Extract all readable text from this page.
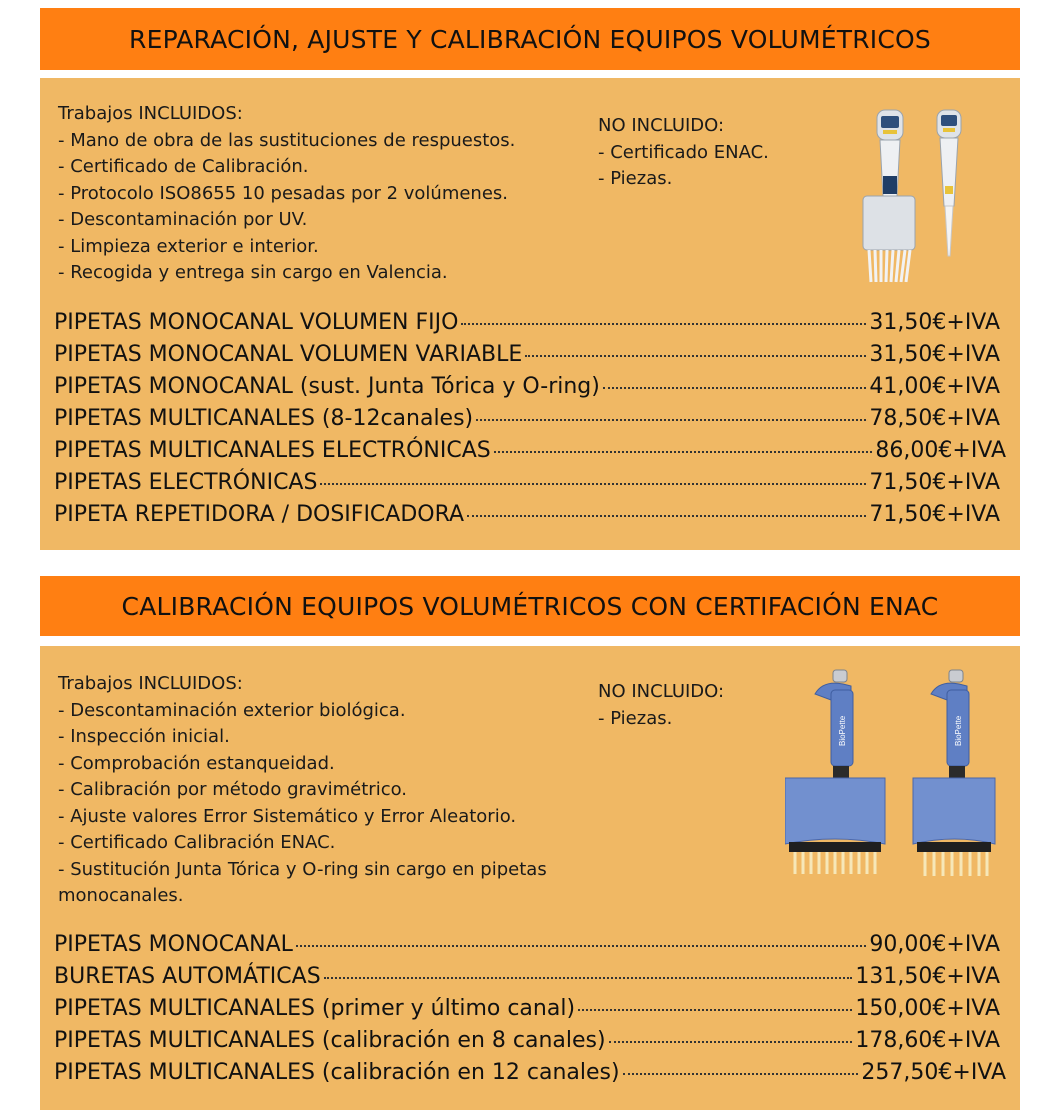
REPARACIÓN, AJUSTE Y CALIBRACIÓN EQUIPOS VOLUMÉTRICOS
Trabajos INCLUIDOS:
- Mano de obra de las sustituciones de respuestos.
- Certificado de Calibración.
- Protocolo ISO8655 10 pesadas por 2 volúmenes.
- Descontaminación por UV.
- Limpieza exterior e interior.
- Recogida y entrega sin cargo en Valencia.
NO INCLUIDO:
- Certificado ENAC.
- Piezas.
PIPETAS MONOCANAL VOLUMEN FIJO	31,50€+IVA
PIPETAS MONOCANAL VOLUMEN VARIABLE	31,50€+IVA
PIPETAS MONOCANAL (sust. Junta Tórica y O-ring)	41,00€+IVA
PIPETAS MULTICANALES (8-12canales)	78,50€+IVA
PIPETAS MULTICANALES ELECTRÓNICAS	86,00€+IVA
PIPETAS ELECTRÓNICAS	71,50€+IVA
PIPETA REPETIDORA / DOSIFICADORA	71,50€+IVA
CALIBRACIÓN EQUIPOS VOLUMÉTRICOS CON CERTIFACIÓN ENAC
Trabajos INCLUIDOS:
- Descontaminación exterior biológica.
- Inspección inicial.
- Comprobación estanqueidad.
- Calibración por método gravimétrico.
- Ajuste valores Error Sistemático y Error Aleatorio.
- Certificado Calibración ENAC.
- Sustitución Junta Tórica y O-ring sin cargo en pipetas
monocanales.
NO INCLUIDO:
- Piezas.	BioPette	BioPette
PIPETAS MONOCANAL	90,00€+IVA
BURETAS AUTOMÁTICAS	131,50€+IVA
PIPETAS MULTICANALES (primer y último canal)	150,00€+IVA
PIPETAS MULTICANALES (calibración en 8 canales)	178,60€+IVA
PIPETAS MULTICANALES (calibración en 12 canales)	257,50€+IVA
